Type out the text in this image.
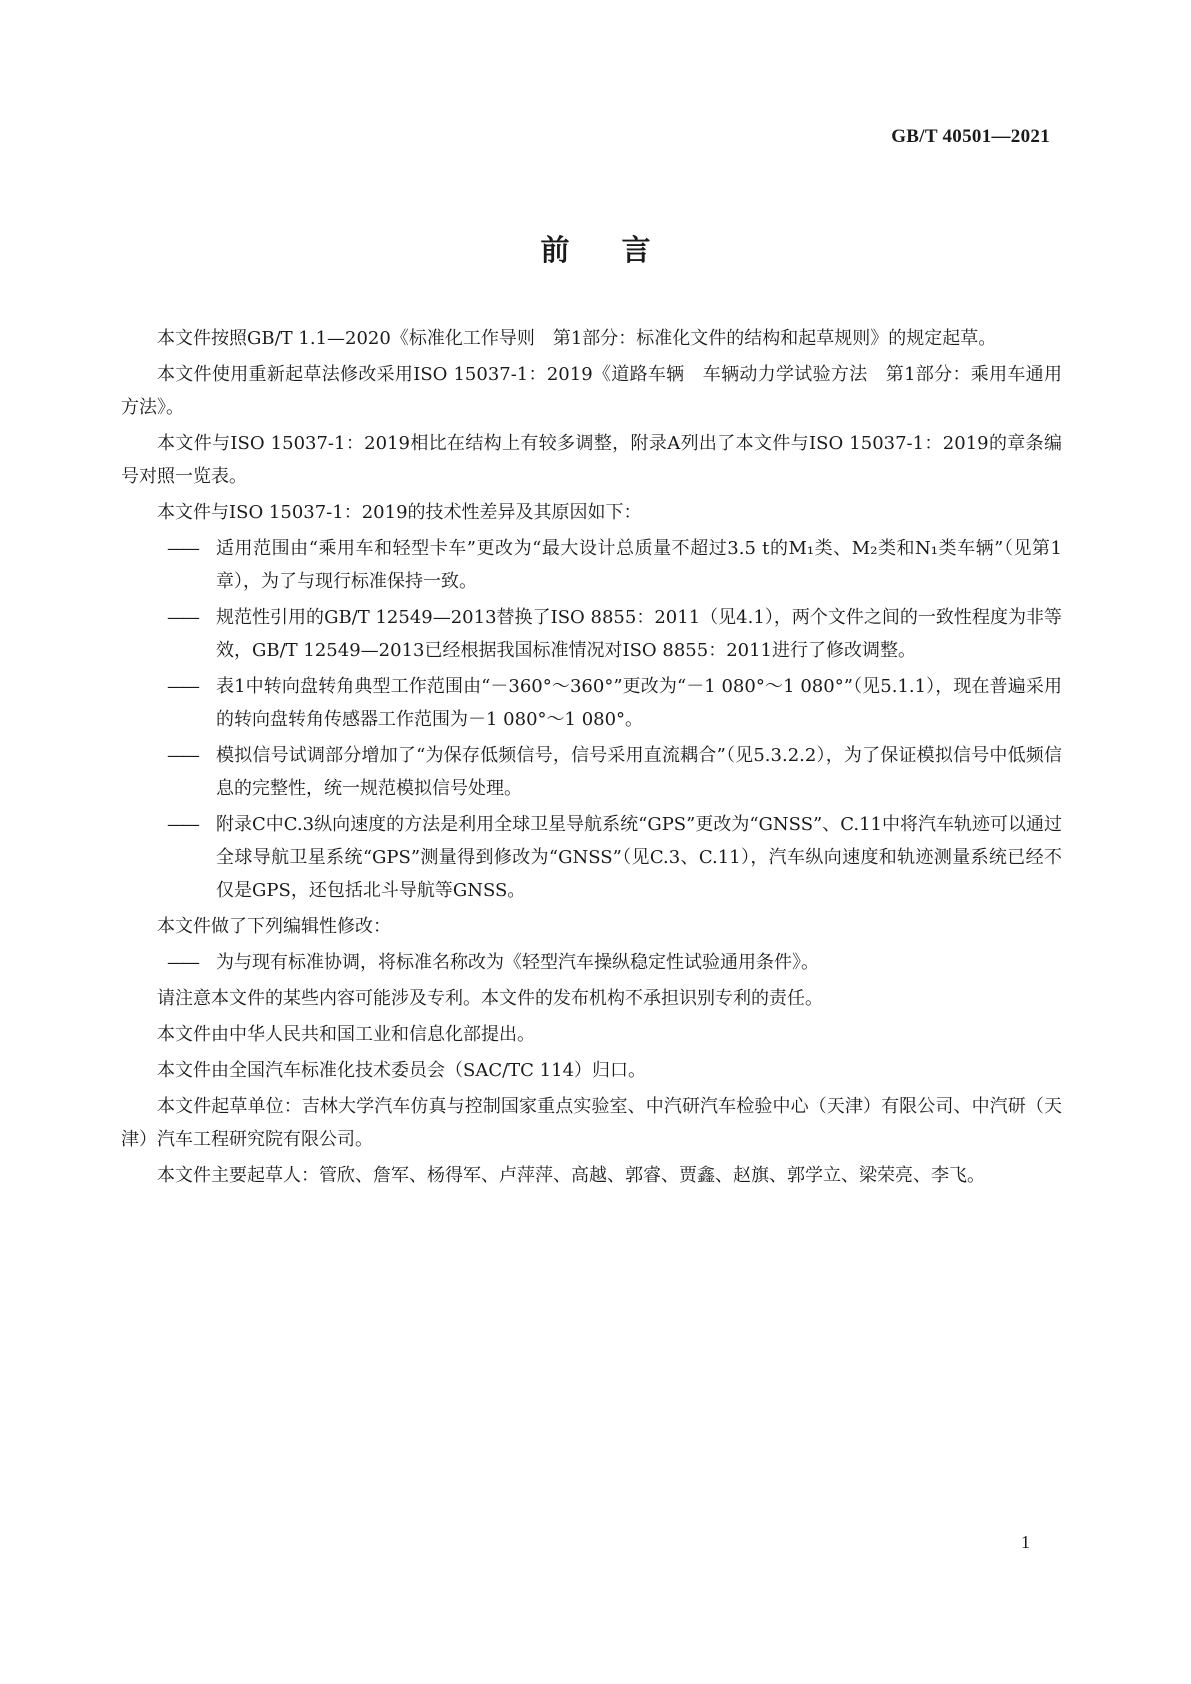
GB/T 40501—2021
前言

本文件按照GB/T 1.1—2020《标准化工作导则　第1部分：标准化文件的结构和起草规则》的规定起草。

本文件使用重新起草法修改采用ISO 15037-1：2019《道路车辆　车辆动力学试验方法　第1部分：乘用车通用方法》。

本文件与ISO 15037-1：2019相比在结构上有较多调整，附录A列出了本文件与ISO 15037-1：2019的章条编号对照一览表。

本文件与ISO 15037-1：2019的技术性差异及其原因如下：

—— 适用范围由“乘用车和轻型卡车”更改为“最大设计总质量不超过3.5 t的M₁类、M₂类和N₁类车辆”（见第1章），为了与现行标准保持一致。
—— 规范性引用的GB/T 12549—2013替换了ISO 8855：2011（见4.1），两个文件之间的一致性程度为非等效，GB/T 12549—2013已经根据我国标准情况对ISO 8855：2011进行了修改调整。
—— 表1中转向盘转角典型工作范围由“－360°～360°”更改为“－1 080°～1 080°”（见5.1.1），现在普遍采用的转向盘转角传感器工作范围为－1 080°～1 080°。
—— 模拟信号试调部分增加了“为保存低频信号，信号采用直流耦合”（见5.3.2.2），为了保证模拟信号中低频信息的完整性，统一规范模拟信号处理。
—— 附录C中C.3纵向速度的方法是利用全球卫星导航系统“GPS”更改为“GNSS”、C.11中将汽车轨迹可以通过全球导航卫星系统“GPS”测量得到修改为“GNSS”（见C.3、C.11），汽车纵向速度和轨迹测量系统已经不仅是GPS，还包括北斗导航等GNSS。

本文件做了下列编辑性修改：

—— 为与现有标准协调，将标准名称改为《轻型汽车操纵稳定性试验通用条件》。

请注意本文件的某些内容可能涉及专利。本文件的发布机构不承担识别专利的责任。

本文件由中华人民共和国工业和信息化部提出。

本文件由全国汽车标准化技术委员会（SAC/TC 114）归口。

本文件起草单位：吉林大学汽车仿真与控制国家重点实验室、中汽研汽车检验中心（天津）有限公司、中汽研（天津）汽车工程研究院有限公司。

本文件主要起草人：管欣、詹军、杨得军、卢萍萍、高越、郭睿、贾鑫、赵旗、郭学立、梁荣亮、李飞。

1
